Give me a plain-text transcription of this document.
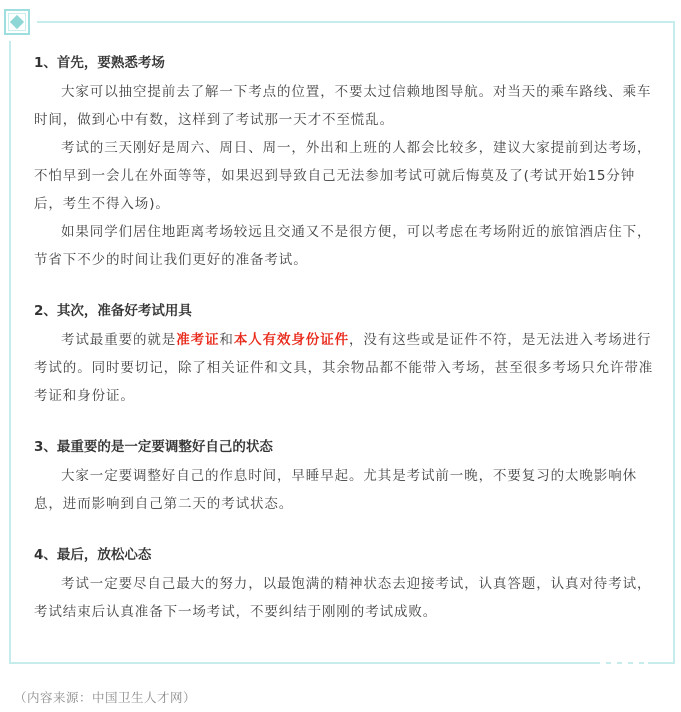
1、首先，要熟悉考场

大家可以抽空提前去了解一下考点的位置，不要太过信赖地图导航。对当天的乘车路线、乘车时间，做到心中有数，这样到了考试那一天才不至慌乱。

考试的三天刚好是周六、周日、周一，外出和上班的人都会比较多，建议大家提前到达考场，不怕早到一会儿在外面等等，如果迟到导致自己无法参加考试可就后悔莫及了(考试开始15分钟后，考生不得入场)。

如果同学们居住地距离考场较远且交通又不是很方便，可以考虑在考场附近的旅馆酒店住下，节省下不少的时间让我们更好的准备考试。

2、其次，准备好考试用具

考试最重要的就是准考证和本人有效身份证件，没有这些或是证件不符，是无法进入考场进行考试的。同时要切记，除了相关证件和文具，其余物品都不能带入考场，甚至很多考场只允许带准考证和身份证。

3、最重要的是一定要调整好自己的状态

大家一定要调整好自己的作息时间，早睡早起。尤其是考试前一晚，不要复习的太晚影响休息，进而影响到自己第二天的考试状态。

4、最后，放松心态

考试一定要尽自己最大的努力，以最饱满的精神状态去迎接考试，认真答题，认真对待考试，考试结束后认真准备下一场考试，不要纠结于刚刚的考试成败。

（内容来源：中国卫生人才网）
